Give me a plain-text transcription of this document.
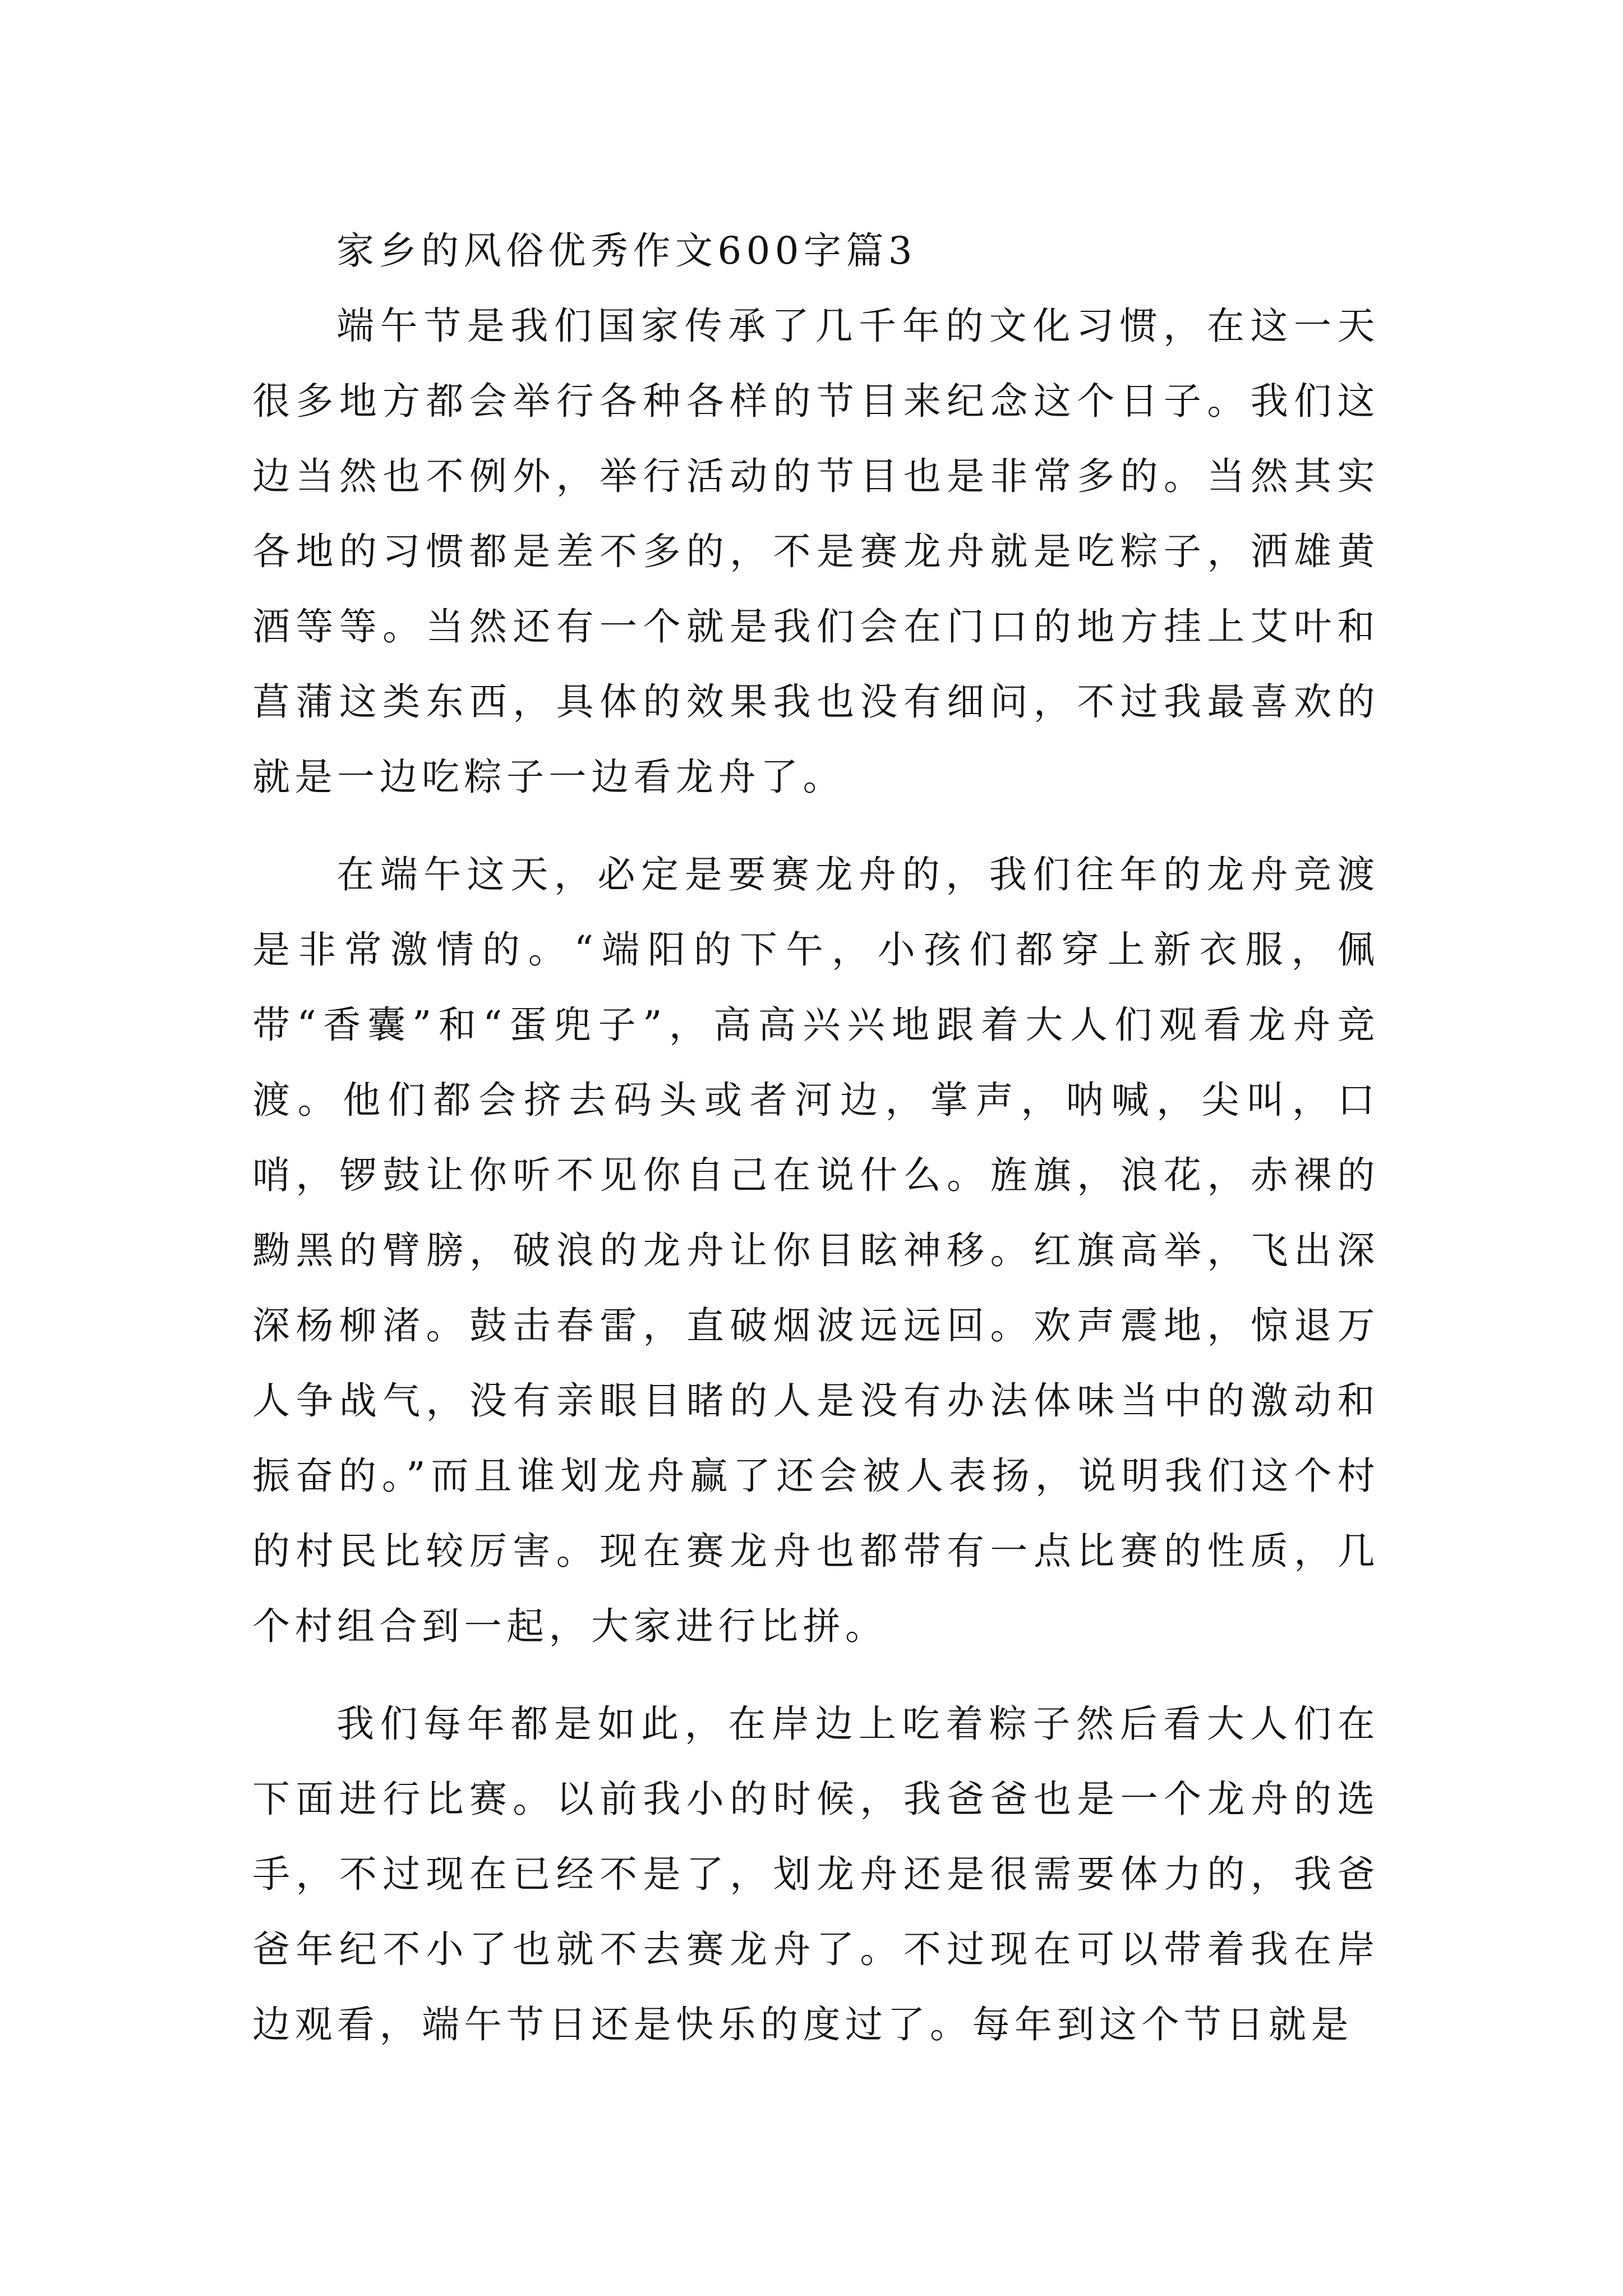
家乡的风俗优秀作文600字篇3

端午节是我们国家传承了几千年的文化习惯，在这一天很多地方都会举行各种各样的节目来纪念这个日子。我们这边当然也不例外，举行活动的节目也是非常多的。当然其实各地的习惯都是差不多的，不是赛龙舟就是吃粽子，洒雄黄酒等等。当然还有一个就是我们会在门口的地方挂上艾叶和菖蒲这类东西，具体的效果我也没有细问，不过我最喜欢的就是一边吃粽子一边看龙舟了。

在端午这天，必定是要赛龙舟的，我们往年的龙舟竞渡是非常激情的。“端阳的下午，小孩们都穿上新衣服，佩带“香囊”和“蛋兜子”，高高兴兴地跟着大人们观看龙舟竞渡。他们都会挤去码头或者河边，掌声，呐喊，尖叫，口哨，锣鼓让你听不见你自己在说什么。旌旗，浪花，赤裸的黝黑的臂膀，破浪的龙舟让你目眩神移。红旗高举，飞出深深杨柳渚。鼓击春雷，直破烟波远远回。欢声震地，惊退万人争战气，没有亲眼目睹的人是没有办法体味当中的激动和振奋的。”而且谁划龙舟赢了还会被人表扬，说明我们这个村的村民比较厉害。现在赛龙舟也都带有一点比赛的性质，几个村组合到一起，大家进行比拼。

我们每年都是如此，在岸边上吃着粽子然后看大人们在下面进行比赛。以前我小的时候，我爸爸也是一个龙舟的选手，不过现在已经不是了，划龙舟还是很需要体力的，我爸爸年纪不小了也就不去赛龙舟了。不过现在可以带着我在岸边观看，端午节日还是快乐的度过了。每年到这个节日就是
